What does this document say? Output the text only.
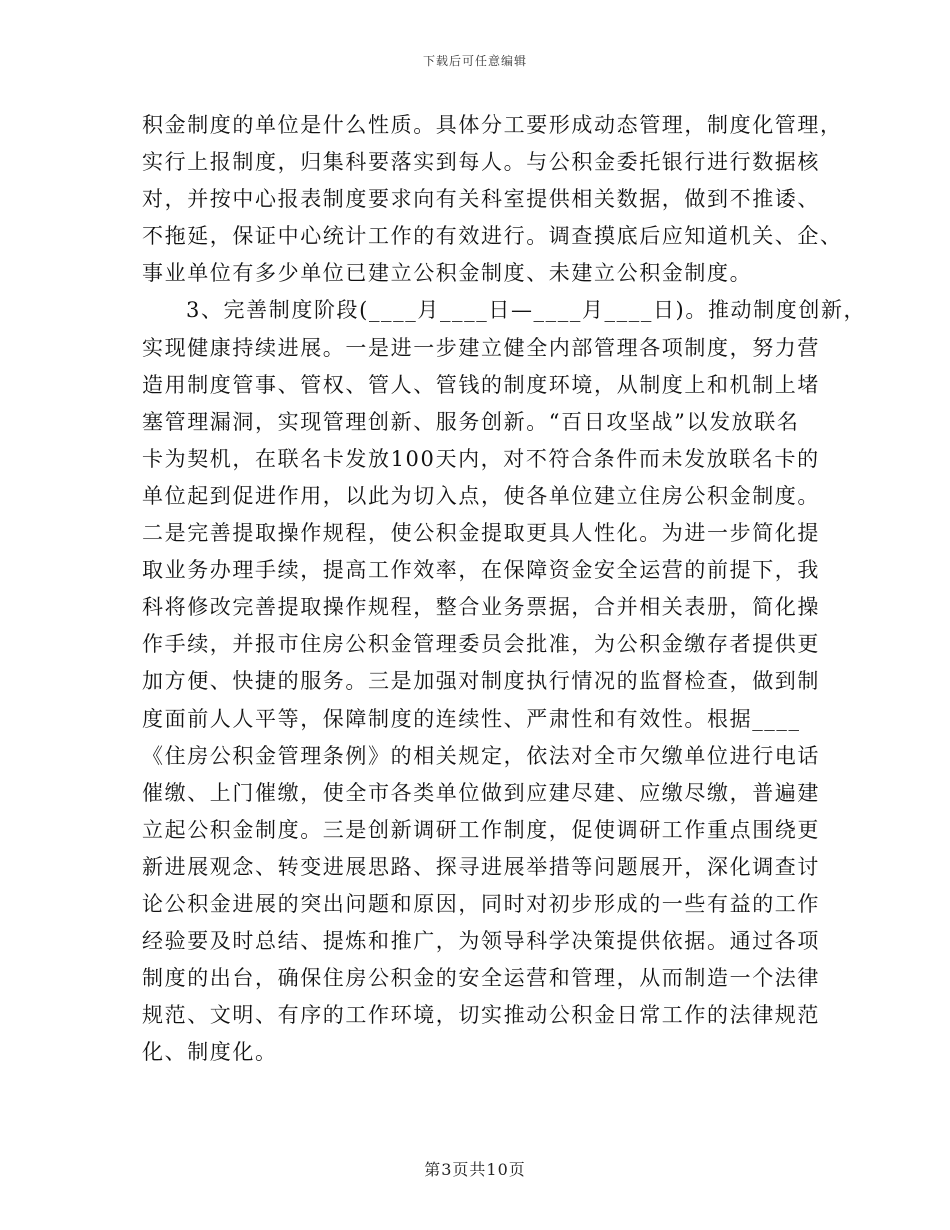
下载后可任意编辑
积金制度的单位是什么性质。具体分工要形成动态管理，制度化管理，
实行上报制度，归集科要落实到每人。与公积金委托银行进行数据核
对，并按中心报表制度要求向有关科室提供相关数据，做到不推诿、
不拖延，保证中心统计工作的有效进行。调查摸底后应知道机关、企、
事业单位有多少单位已建立公积金制度、未建立公积金制度。
3、完善制度阶段(____月____日—____月____日)。推动制度创新，
实现健康持续进展。一是进一步建立健全内部管理各项制度，努力营
造用制度管事、管权、管人、管钱的制度环境，从制度上和机制上堵
塞管理漏洞，实现管理创新、服务创新。“百日攻坚战”以发放联名
卡为契机，在联名卡发放100天内，对不符合条件而未发放联名卡的
单位起到促进作用，以此为切入点，使各单位建立住房公积金制度。
二是完善提取操作规程，使公积金提取更具人性化。为进一步简化提
取业务办理手续，提高工作效率，在保障资金安全运营的前提下，我
科将修改完善提取操作规程，整合业务票据，合并相关表册，简化操
作手续，并报市住房公积金管理委员会批准，为公积金缴存者提供更
加方便、快捷的服务。三是加强对制度执行情况的监督检查，做到制
度面前人人平等，保障制度的连续性、严肃性和有效性。根据____
《住房公积金管理条例》的相关规定，依法对全市欠缴单位进行电话
催缴、上门催缴，使全市各类单位做到应建尽建、应缴尽缴，普遍建
立起公积金制度。三是创新调研工作制度，促使调研工作重点围绕更
新进展观念、转变进展思路、探寻进展举措等问题展开，深化调查讨
论公积金进展的突出问题和原因，同时对初步形成的一些有益的工作
经验要及时总结、提炼和推广，为领导科学决策提供依据。通过各项
制度的出台，确保住房公积金的安全运营和管理，从而制造一个法律
规范、文明、有序的工作环境，切实推动公积金日常工作的法律规范
化、制度化。
第3页共10页
